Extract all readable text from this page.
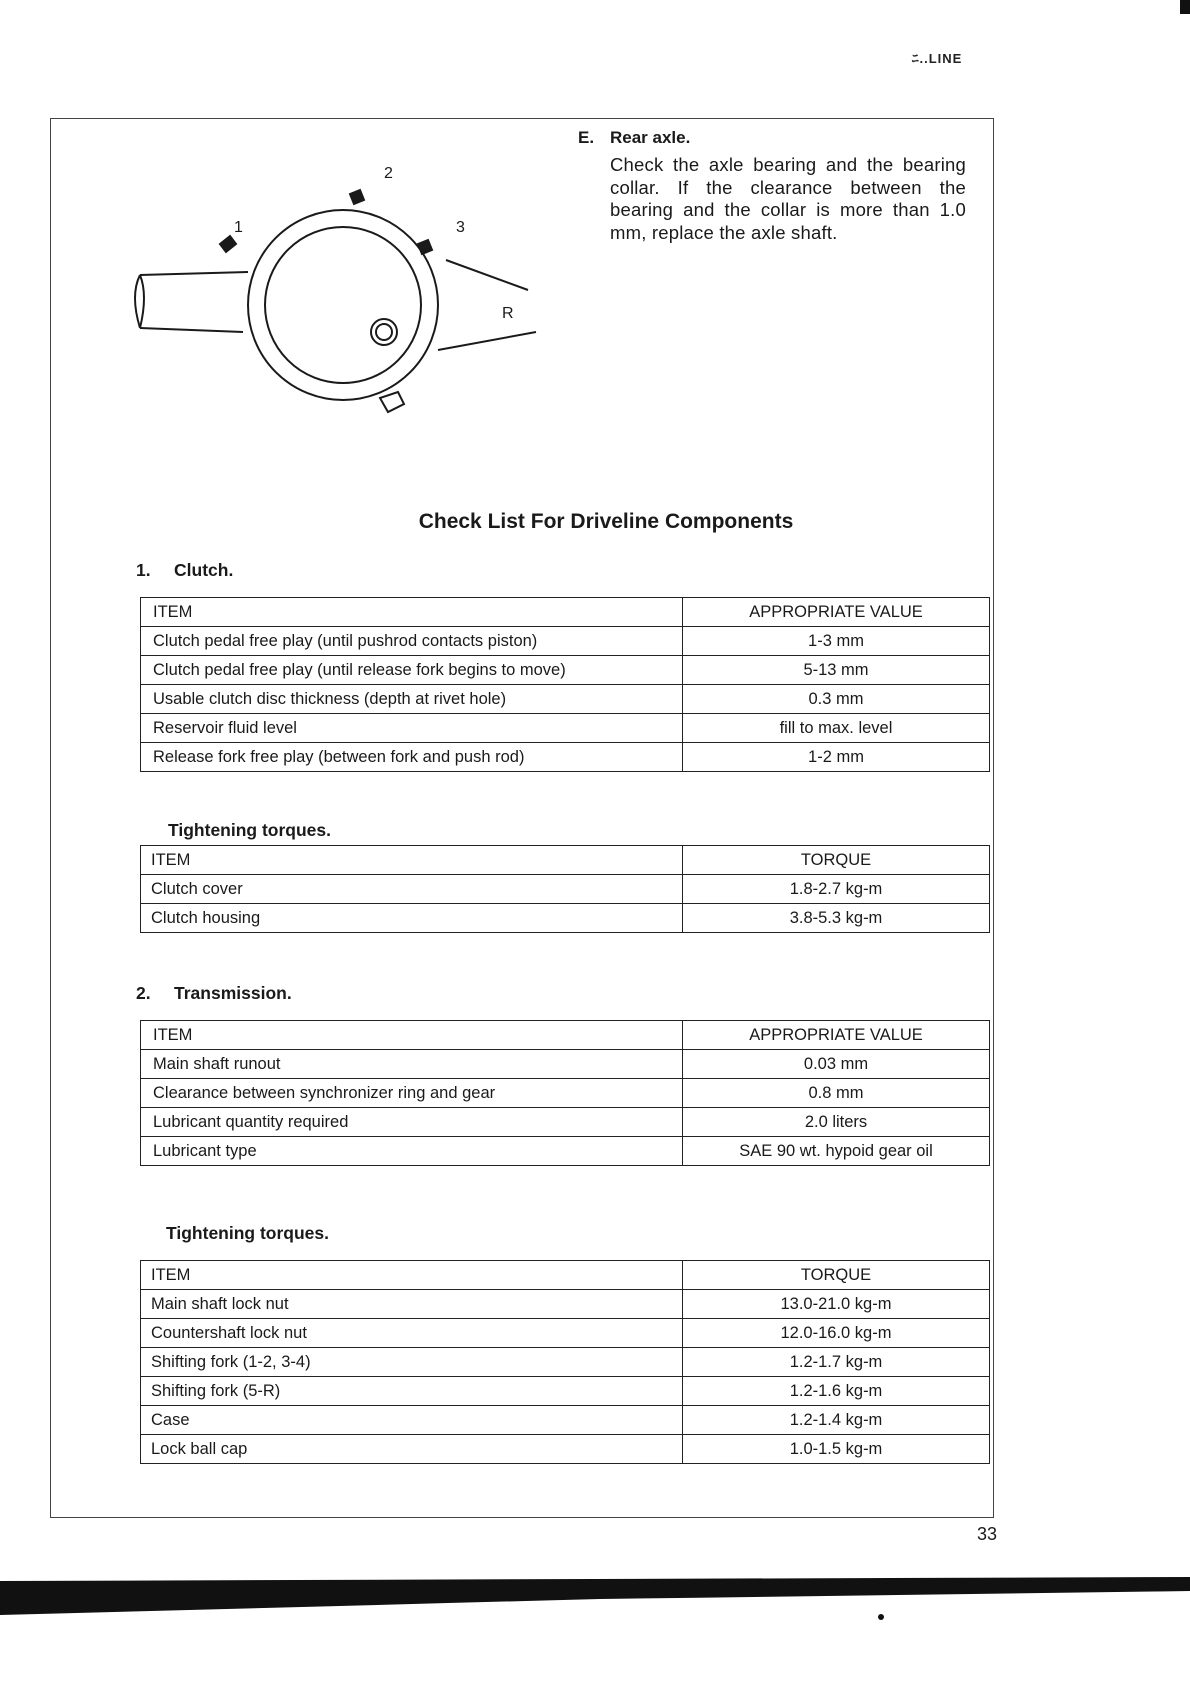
ﾆ..LINE
1
2
3
R
E. Rear axle.
Check the axle bearing and the bearing collar. If the clearance between the bearing and the collar is more than 1.0 mm, replace the axle shaft.
Check List For Driveline Components
1. Clutch.
ITEM	APPROPRIATE VALUE
Clutch pedal free play (until pushrod contacts piston)	1-3 mm
Clutch pedal free play (until release fork begins to move)	5-13 mm
Usable clutch disc thickness (depth at rivet hole)	0.3 mm
Reservoir fluid level	fill to max. level
Release fork free play (between fork and push rod)	1-2 mm
Tightening torques.
ITEM	TORQUE
Clutch cover	1.8-2.7 kg-m
Clutch housing	3.8-5.3 kg-m
2. Transmission.
ITEM	APPROPRIATE VALUE
Main shaft runout	0.03 mm
Clearance between synchronizer ring and gear	0.8 mm
Lubricant quantity required	2.0 liters
Lubricant type	SAE 90 wt. hypoid gear oil
Tightening torques.
ITEM	TORQUE
Main shaft lock nut	13.0-21.0 kg-m
Countershaft lock nut	12.0-16.0 kg-m
Shifting fork (1-2, 3-4)	1.2-1.7 kg-m
Shifting fork (5-R)	1.2-1.6 kg-m
Case	1.2-1.4 kg-m
Lock ball cap	1.0-1.5 kg-m
33
